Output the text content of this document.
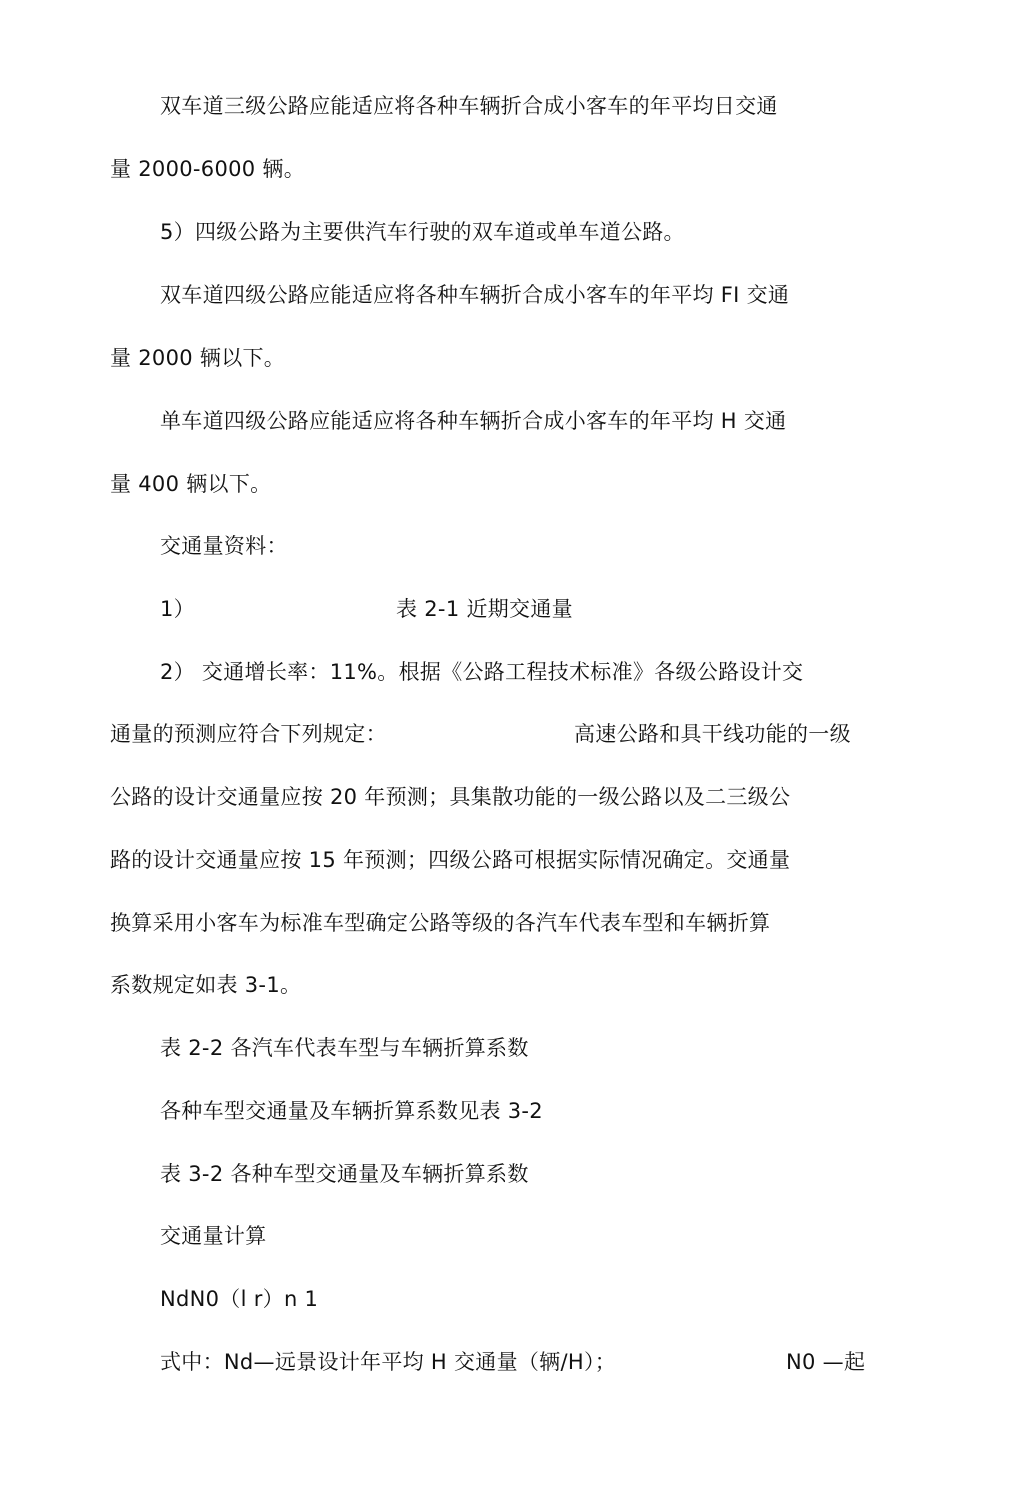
双车道三级公路应能适应将各种车辆折合成小客车的年平均日交通
量 2000-6000 辆。
5）四级公路为主要供汽车行驶的双车道或单车道公路。
双车道四级公路应能适应将各种车辆折合成小客车的年平均 FI 交通
量 2000 辆以下。
单车道四级公路应能适应将各种车辆折合成小客车的年平均 H 交通
量 400 辆以下。
交通量资料：
1）	表 2-1 近期交通量
2） 交通增长率：11%。根据《公路工程技术标准》各级公路设计交
通量的预测应符合下列规定：	高速公路和具干线功能的一级
公路的设计交通量应按 20 年预测；具集散功能的一级公路以及二三级公
路的设计交通量应按 15 年预测；四级公路可根据实际情况确定。交通量
换算采用小客车为标准车型确定公路等级的各汽车代表车型和车辆折算
系数规定如表 3-1。
表 2-2 各汽车代表车型与车辆折算系数
各种车型交通量及车辆折算系数见表 3-2
表 3-2 各种车型交通量及车辆折算系数
交通量计算
NdN0（l r）n 1
式中：Nd—远景设计年平均 H 交通量（辆/H）；	N0 —起
